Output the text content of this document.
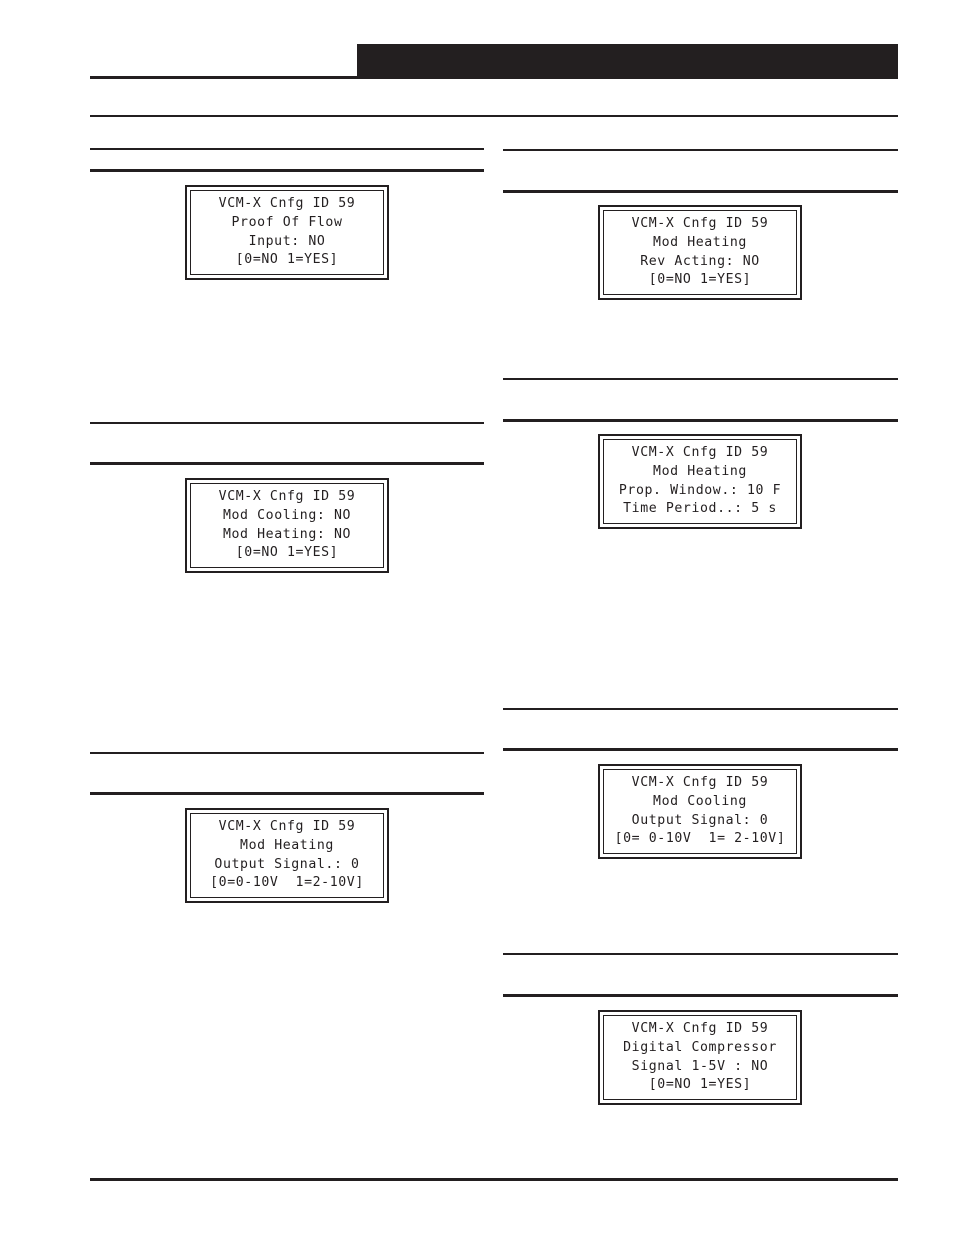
VCM-X Cnfg ID 59
Proof Of Flow
Input: NO
[0=NO 1=YES]
VCM-X Cnfg ID 59
Mod Cooling: NO
Mod Heating: NO
[0=NO 1=YES]
VCM-X Cnfg ID 59
Mod Heating
Output Signal.: 0
[0=0-10V  1=2-10V]
VCM-X Cnfg ID 59
Mod Heating
Rev Acting: NO
[0=NO 1=YES]
VCM-X Cnfg ID 59
Mod Heating
Prop. Window.: 10 F
Time Period..: 5 s
VCM-X Cnfg ID 59
Mod Cooling
Output Signal: 0
[0= 0-10V  1= 2-10V]
VCM-X Cnfg ID 59
Digital Compressor
Signal 1-5V : NO
[0=NO 1=YES]
